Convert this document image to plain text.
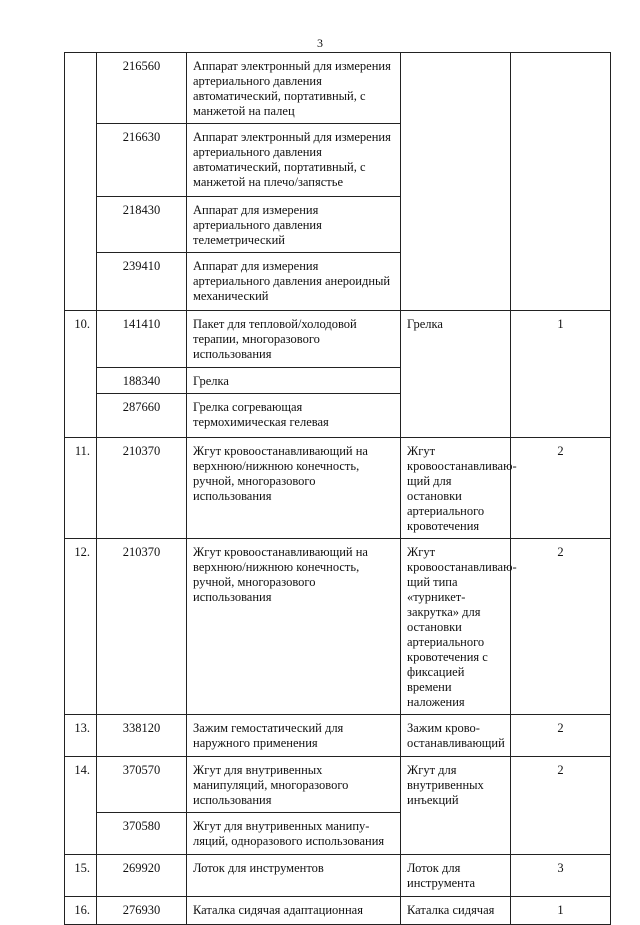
3
	216560	Аппарат электронный для измерения артериального давления автоматический, портативный, с манжетой на палец		
	216630	Аппарат электронный для измерения артериального давления автоматический, портативный, с манжетой на плечо/запястье		
	218430	Аппарат для измерения артериального давления телеметрический		
	239410	Аппарат для измерения артериального давления анероидный механический		
10.	141410	Пакет для тепловой/холодовой терапии, многоразового использования	Грелка	1
	188340	Грелка		
	287660	Грелка согревающая термохимическая гелевая		
11.	210370	Жгут кровоостанавливающий на верхнюю/нижнюю конечность, ручной, многоразового использования	Жгут кровоостанавливаю-щий для остановки артериального кровотечения	2
12.	210370	Жгут кровоостанавливающий на верхнюю/нижнюю конечность, ручной, многоразового использования	Жгут кровоостанавливаю-щий типа «турникет-закрутка» для остановки артериального кровотечения с фиксацией времени наложения	2
13.	338120	Зажим гемостатический для наружного применения	Зажим крово-останавливающий	2
14.	370570	Жгут для внутривенных манипуляций, многоразового использования	Жгут для внутривенных инъекций	2
	370580	Жгут для внутривенных манипу-ляций, одноразового использования		
15.	269920	Лоток для инструментов	Лоток для инструмента	3
16.	276930	Каталка сидячая адаптационная	Каталка сидячая	1
